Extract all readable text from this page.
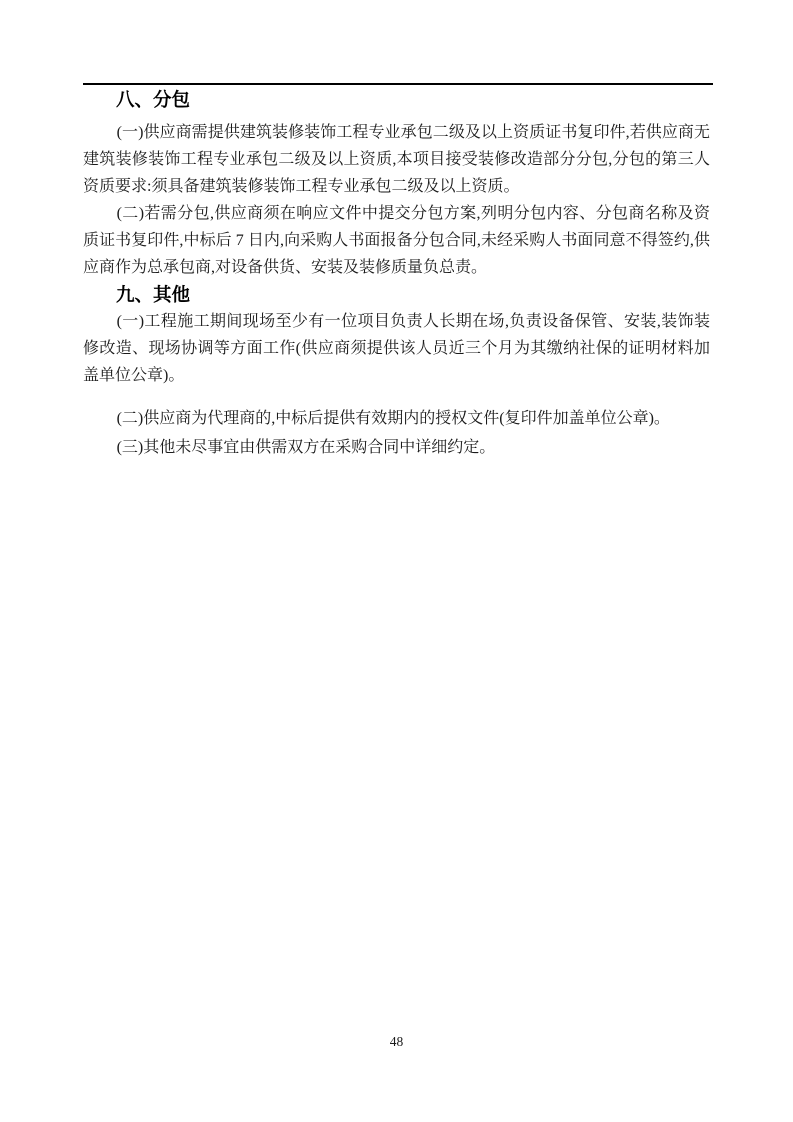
八、分包

(一)供应商需提供建筑装修装饰工程专业承包二级及以上资质证书复印件,若供应商无建筑装修装饰工程专业承包二级及以上资质,本项目接受装修改造部分分包,分包的第三人资质要求:须具备建筑装修装饰工程专业承包二级及以上资质。

(二)若需分包,供应商须在响应文件中提交分包方案,列明分包内容、分包商名称及资质证书复印件,中标后 7 日内,向采购人书面报备分包合同,未经采购人书面同意不得签约,供应商作为总承包商,对设备供货、安装及装修质量负总责。

九、其他

(一)工程施工期间现场至少有一位项目负责人长期在场,负责设备保管、安装,装饰装修改造、现场协调等方面工作(供应商须提供该人员近三个月为其缴纳社保的证明材料加盖单位公章)。

(二)供应商为代理商的,中标后提供有效期内的授权文件(复印件加盖单位公章)。

(三)其他未尽事宜由供需双方在采购合同中详细约定。

48
